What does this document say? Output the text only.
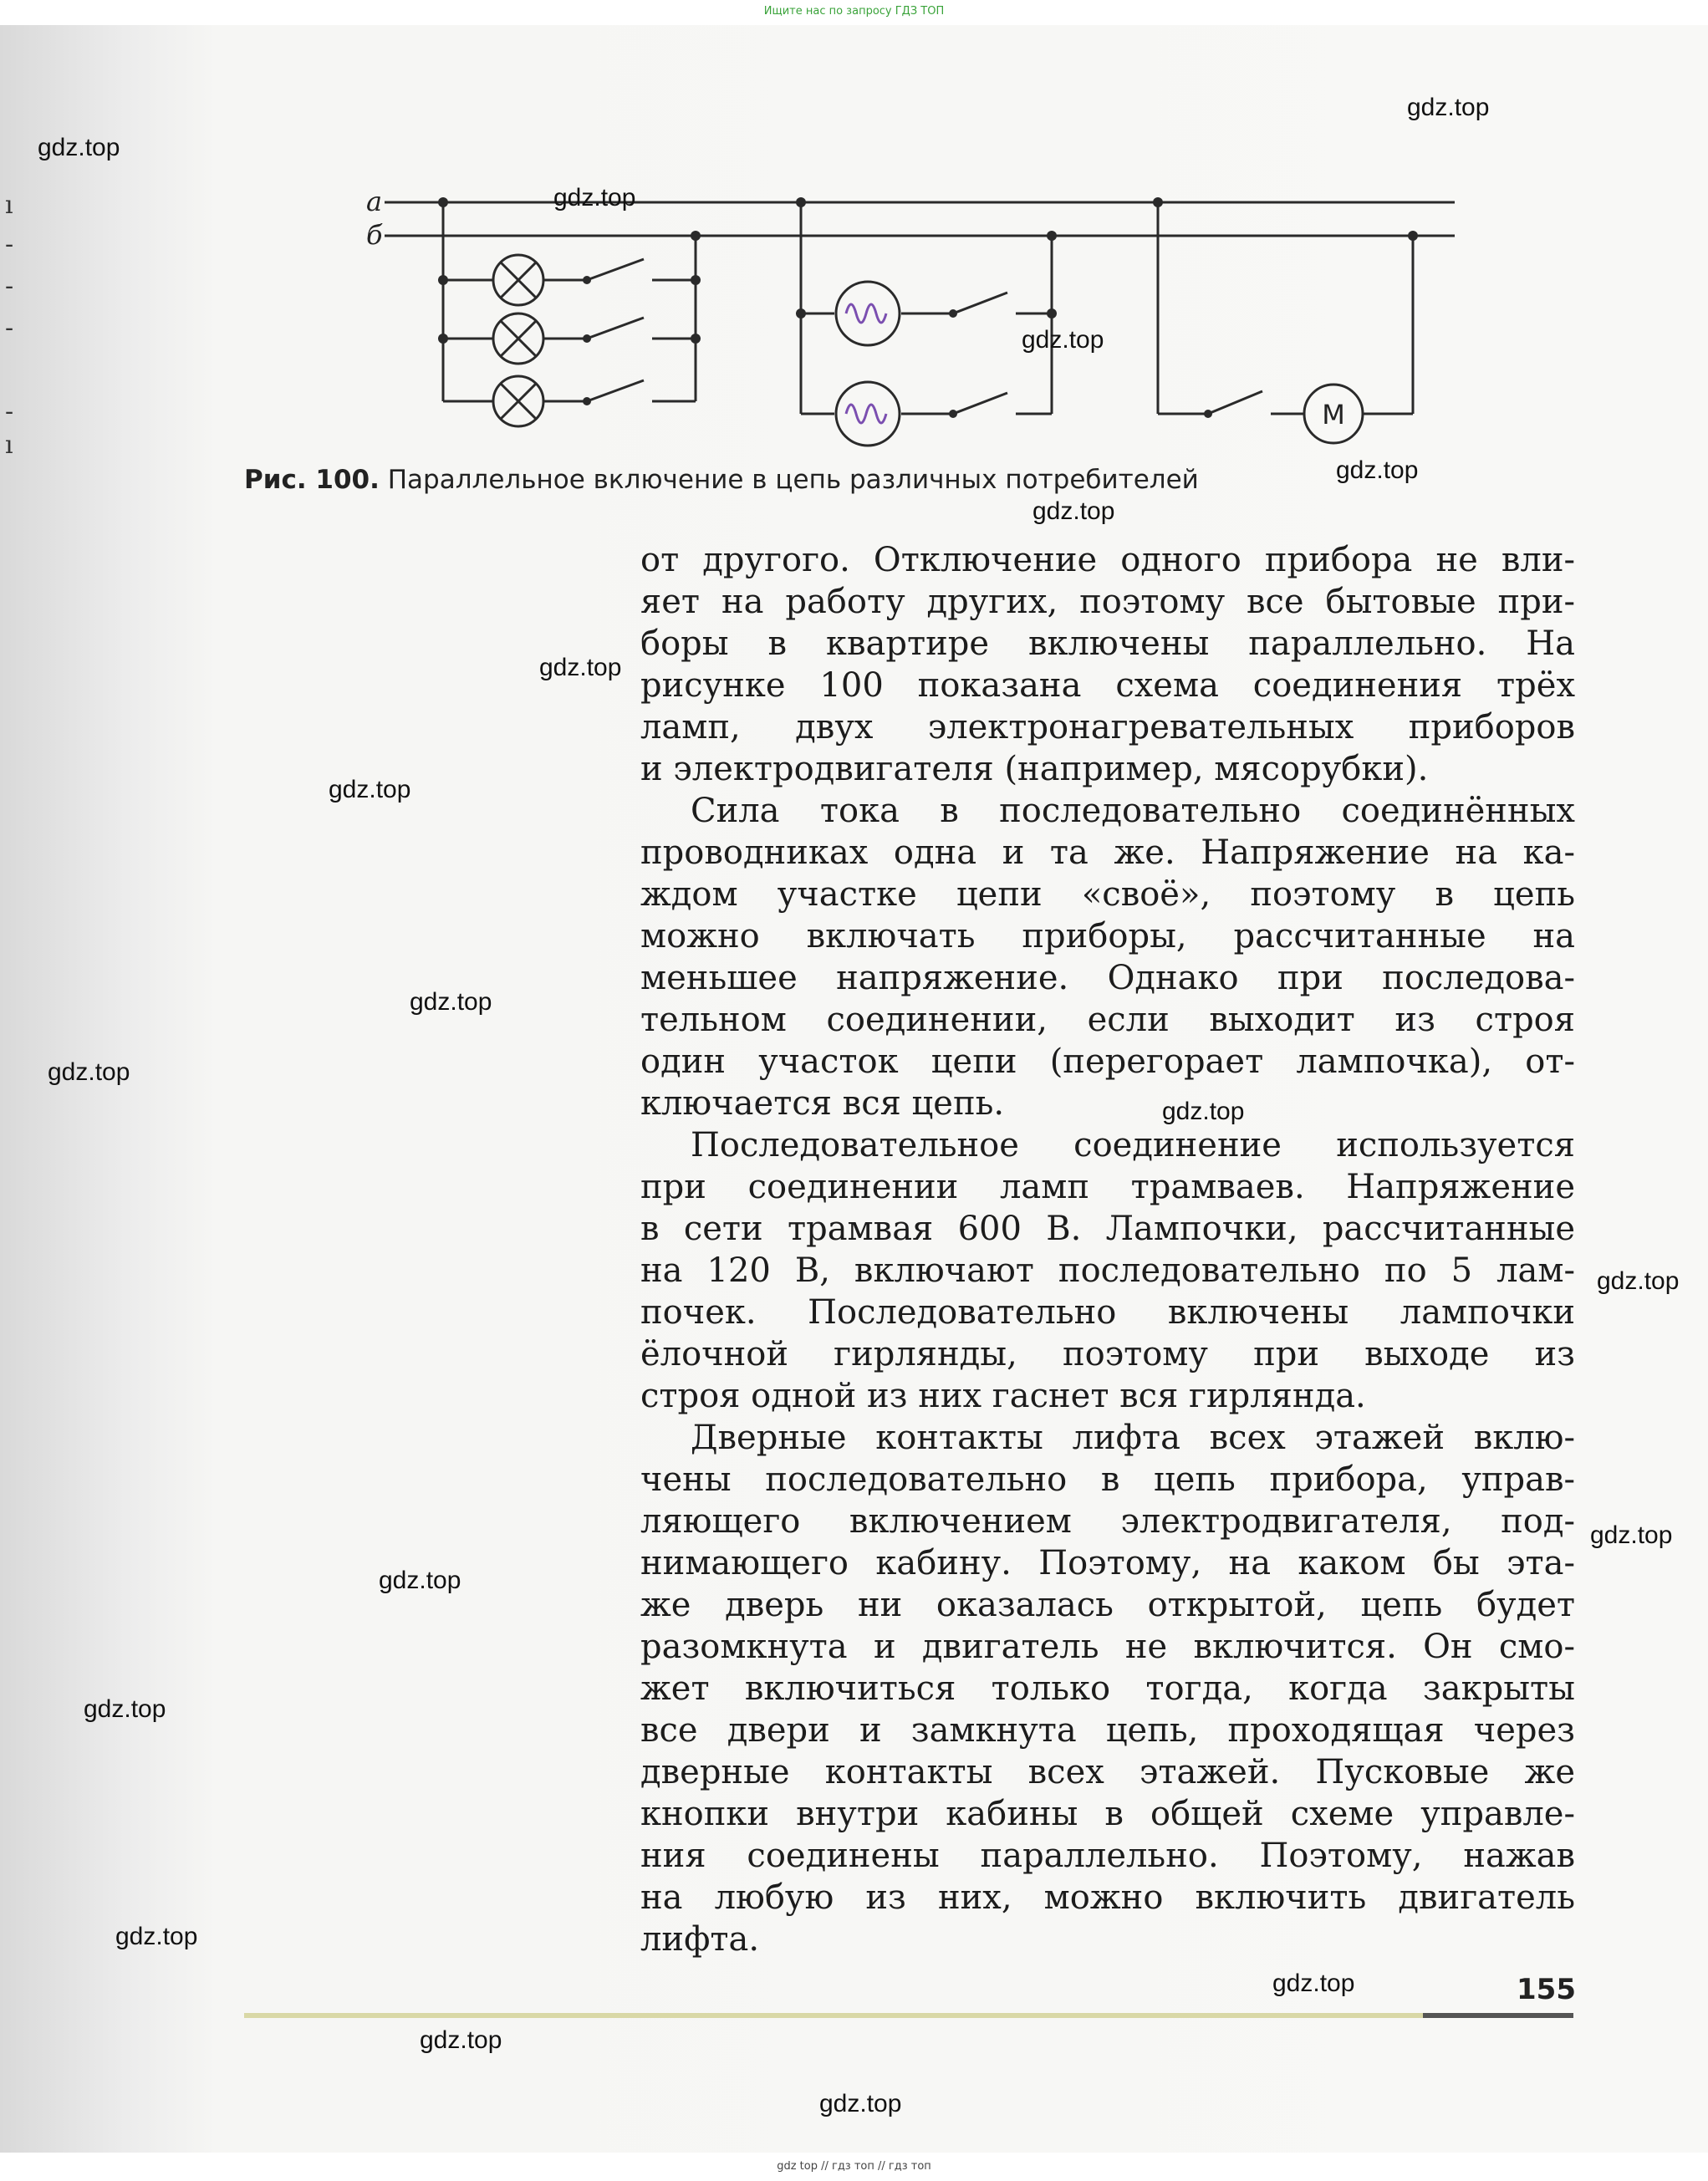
Ищите нас по запросу ГДЗ ТОП
ı
-
-
-
-
ı
а
б
M
Рис. 100. Параллельное включение в цепь различных потребителей
от другого. Отключение одного прибора не вли-
яет на работу других, поэтому все бытовые при-
боры в квартире включены параллельно. На
рисунке 100 показана схема соединения трёх
ламп, двух электронагревательных приборов
и электродвигателя (например, мясорубки).
Сила тока в последовательно соединённых
проводниках одна и та же. Напряжение на ка-
ждом участке цепи «своё», поэтому в цепь
можно включать приборы, рассчитанные на
меньшее напряжение. Однако при последова-
тельном соединении, если выходит из строя
один участок цепи (перегорает лампочка), от-
ключается вся цепь.
Последовательное соединение используется
при соединении ламп трамваев. Напряжение
в сети трамвая 600 В. Лампочки, рассчитанные
на 120 В, включают последовательно по 5 лам-
почек. Последовательно включены лампочки
ёлочной гирлянды, поэтому при выходе из
строя одной из них гаснет вся гирлянда.
Дверные контакты лифта всех этажей вклю-
чены последовательно в цепь прибора, управ-
ляющего включением электродвигателя, под-
нимающего кабину. Поэтому, на каком бы эта-
же дверь ни оказалась открытой, цепь будет
разомкнута и двигатель не включится. Он смо-
жет включиться только тогда, когда закрыты
все двери и замкнута цепь, проходящая через
дверные контакты всех этажей. Пусковые же
кнопки внутри кабины в общей схеме управле-
ния соединены параллельно. Поэтому, нажав
на любую из них, можно включить двигатель
лифта.
155
gdz.top
gdz.top
gdz.top
gdz.top
gdz.top
gdz.top
gdz.top
gdz.top
gdz.top
gdz.top
gdz.top
gdz.top
gdz.top
gdz.top
gdz.top
gdz.top
gdz.top
gdz.top
gdz.top
gdz top // гдз топ // гдз топ
